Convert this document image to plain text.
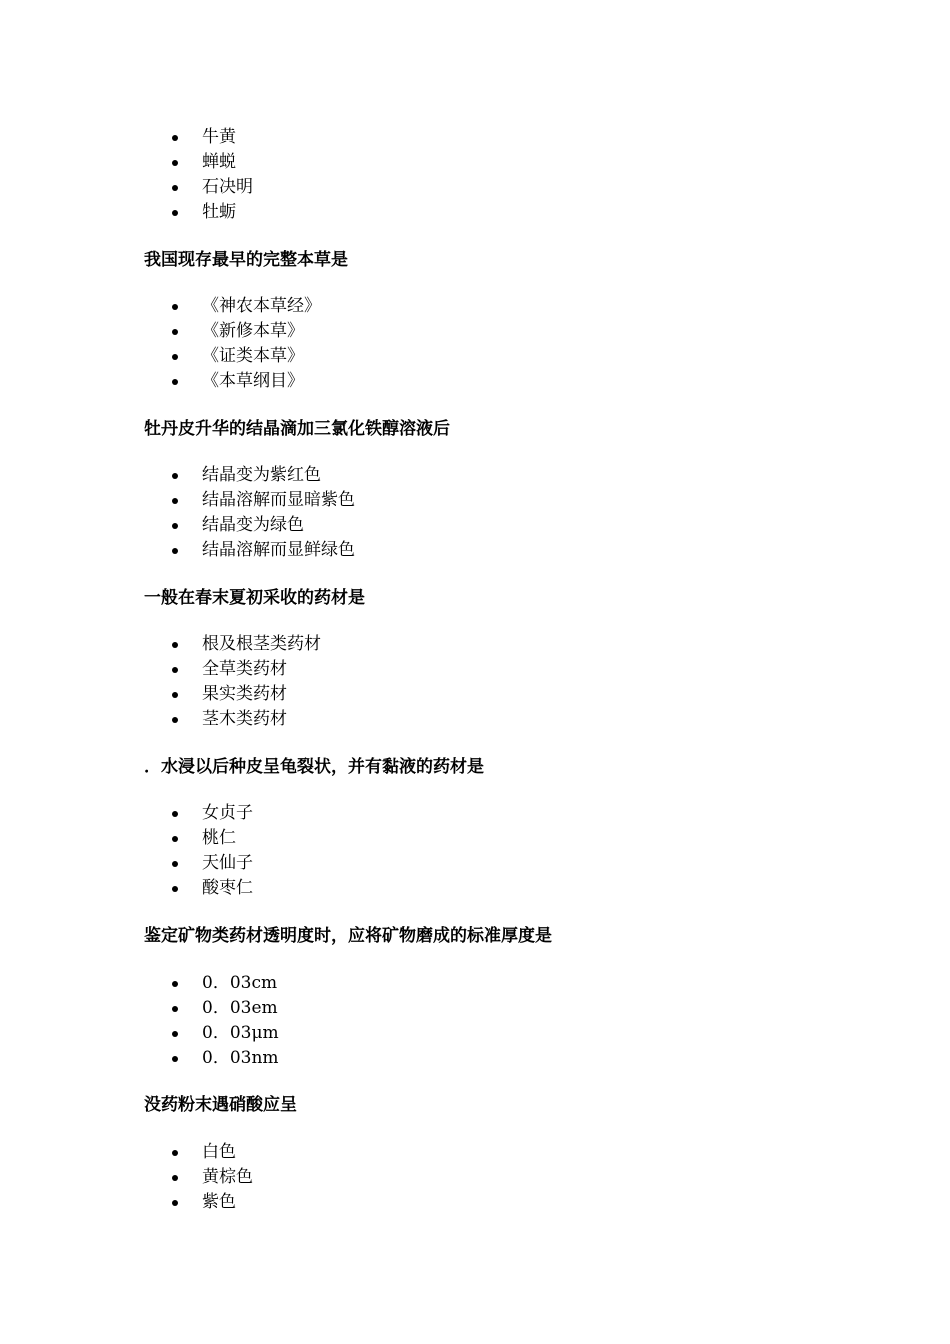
牛黄
蝉蜕
石决明
牡蛎

我国现存最早的完整本草是

《神农本草经》
《新修本草》
《证类本草》
《本草纲目》

牡丹皮升华的结晶滴加三氯化铁醇溶液后

结晶变为紫红色
结晶溶解而显暗紫色
结晶变为绿色
结晶溶解而显鲜绿色

一般在春末夏初采收的药材是

根及根茎类药材
全草类药材
果实类药材
茎木类药材

．水浸以后种皮呈龟裂状，并有黏液的药材是

女贞子
桃仁
天仙子
酸枣仁

鉴定矿物类药材透明度时，应将矿物磨成的标准厚度是

0．03cm
0．03em
0．03μm
0．03nm

没药粉末遇硝酸应呈

白色
黄棕色
紫色
